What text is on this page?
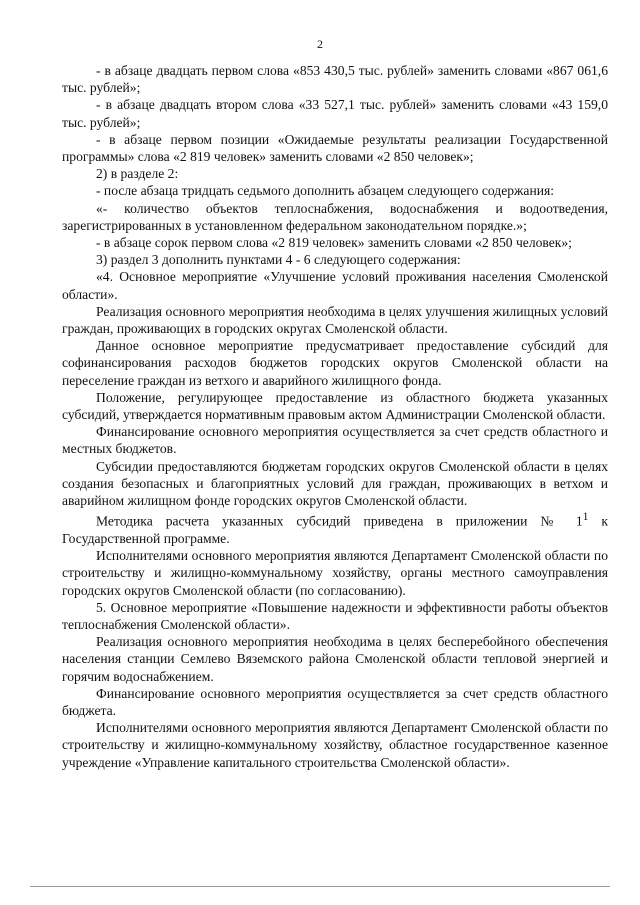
2

- в абзаце двадцать первом слова «853 430,5 тыс. рублей» заменить словами «867 061,6 тыс. рублей»;

- в абзаце двадцать втором слова «33 527,1 тыс. рублей» заменить словами «43 159,0 тыс. рублей»;

- в абзаце первом позиции «Ожидаемые результаты реализации Государственной программы» слова «2 819 человек» заменить словами «2 850 человек»;

2) в разделе 2:

- после абзаца тридцать седьмого дополнить абзацем следующего содержания:

«- количество объектов теплоснабжения, водоснабжения и водоотведения, зарегистрированных в установленном федеральном законодательном порядке.»;

- в абзаце сорок первом слова «2 819 человек» заменить словами «2 850 человек»;

3) раздел 3 дополнить пунктами 4 - 6 следующего содержания:

«4. Основное мероприятие «Улучшение условий проживания населения Смоленской области».

Реализация основного мероприятия необходима в целях улучшения жилищных условий граждан, проживающих в городских округах Смоленской области.

Данное основное мероприятие предусматривает предоставление субсидий для софинансирования расходов бюджетов городских округов Смоленской области на переселение граждан из ветхого и аварийного жилищного фонда.

Положение, регулирующее предоставление из областного бюджета указанных субсидий, утверждается нормативным правовым актом Администрации Смоленской области.

Финансирование основного мероприятия осуществляется за счет средств областного и местных бюджетов.

Субсидии предоставляются бюджетам городских округов Смоленской области в целях создания безопасных и благоприятных условий для граждан, проживающих в ветхом и аварийном жилищном фонде городских округов Смоленской области.

Методика расчета указанных субсидий приведена в приложении № $1^1$ к Государственной программе.

Исполнителями основного мероприятия являются Департамент Смоленской области по строительству и жилищно-коммунальному хозяйству, органы местного самоуправления городских округов Смоленской области (по согласованию).

5. Основное мероприятие «Повышение надежности и эффективности работы объектов теплоснабжения Смоленской области».

Реализация основного мероприятия необходима в целях бесперебойного обеспечения населения станции Семлево Вяземского района Смоленской области тепловой энергией и горячим водоснабжением.

Финансирование основного мероприятия осуществляется за счет средств областного бюджета.

Исполнителями основного мероприятия являются Департамент Смоленской области по строительству и жилищно-коммунальному хозяйству, областное государственное казенное учреждение «Управление капитального строительства Смоленской области».
